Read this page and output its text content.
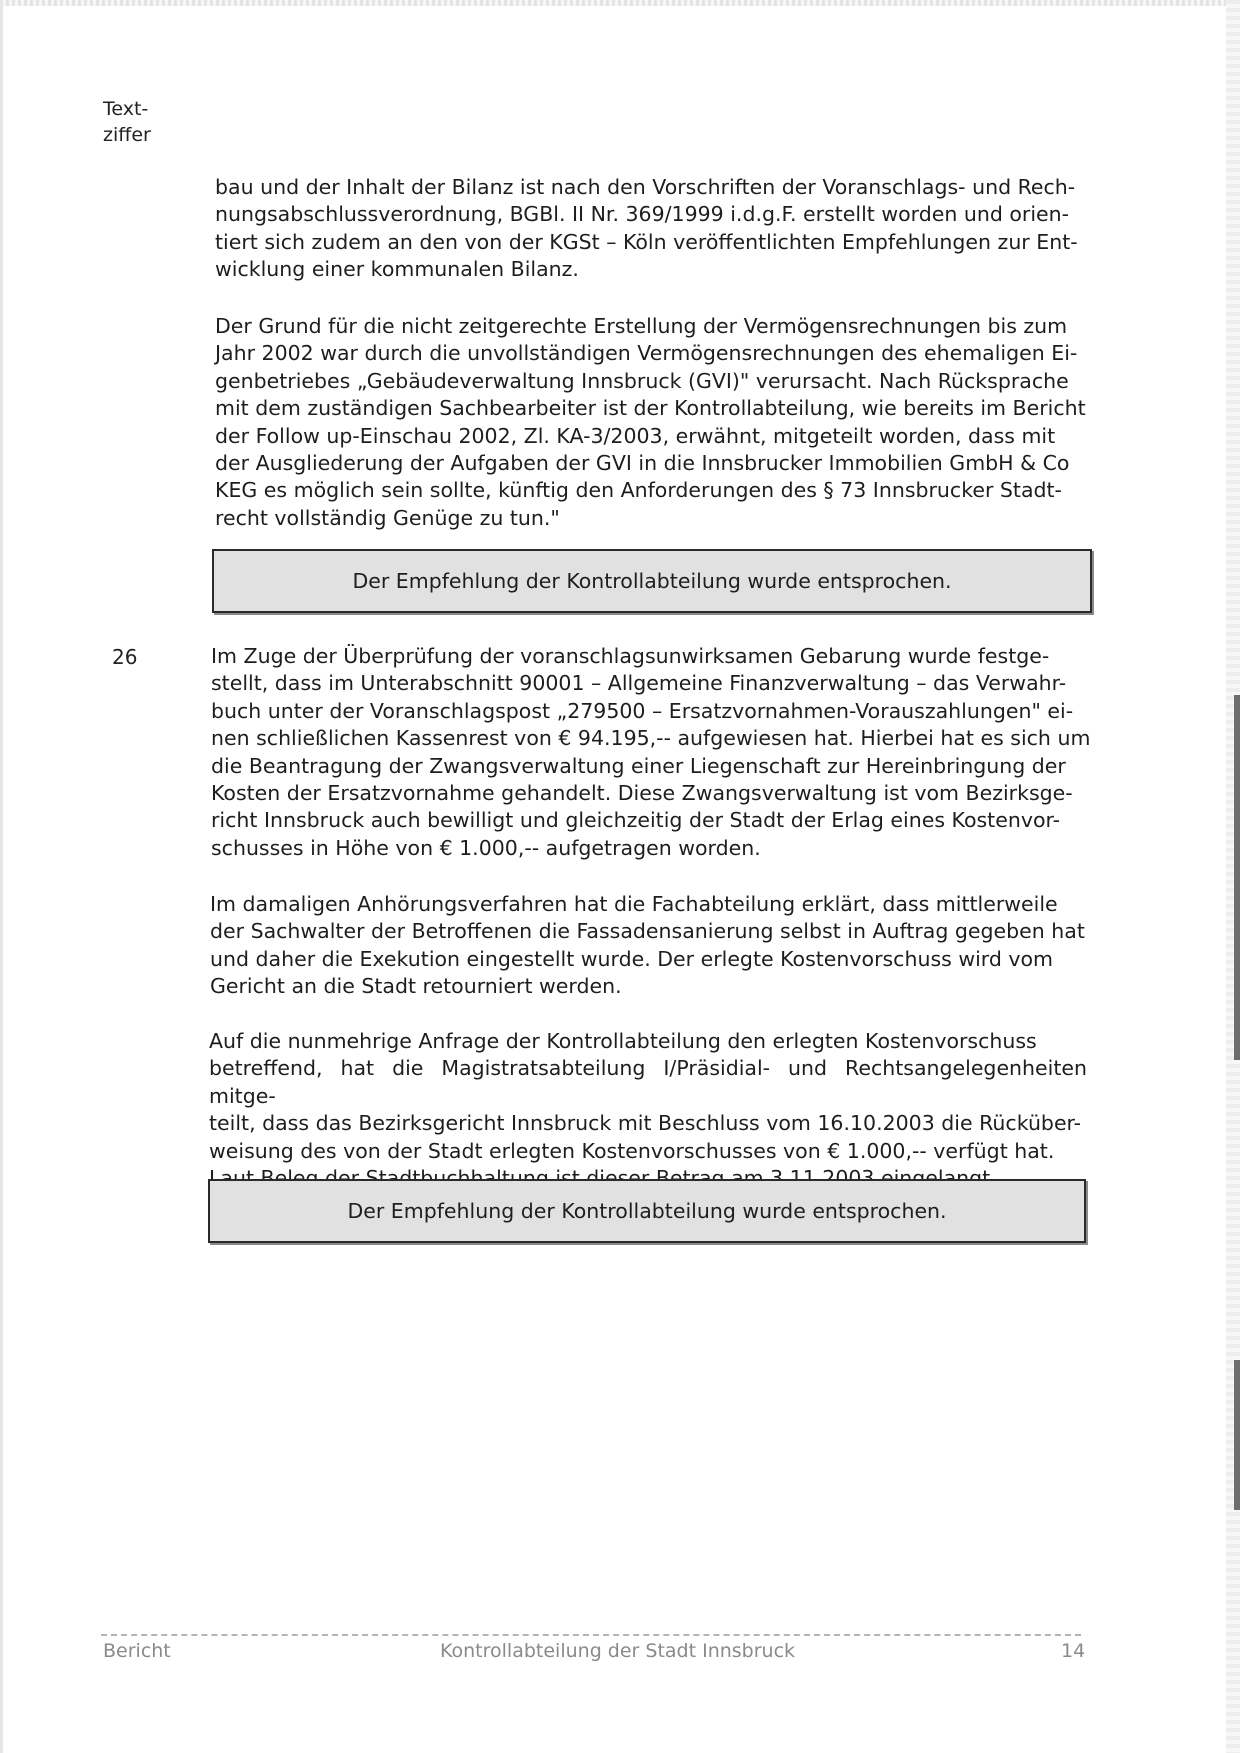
Text-
ziffer

bau und der Inhalt der Bilanz ist nach den Vorschriften der Voranschlags- und Rech-
nungsabschlussverordnung, BGBl. II Nr. 369/1999 i.d.g.F. erstellt worden und orien-
tiert sich zudem an den von der KGSt – Köln veröffentlichten Empfehlungen zur Ent-
wicklung einer kommunalen Bilanz.

Der Grund für die nicht zeitgerechte Erstellung der Vermögensrechnungen bis zum
Jahr 2002 war durch die unvollständigen Vermögensrechnungen des ehemaligen Ei-
genbetriebes „Gebäudeverwaltung Innsbruck (GVI)" verursacht. Nach Rücksprache
mit dem zuständigen Sachbearbeiter ist der Kontrollabteilung, wie bereits im Bericht
der Follow up-Einschau 2002, Zl. KA-3/2003, erwähnt, mitgeteilt worden, dass mit
der Ausgliederung der Aufgaben der GVI in die Innsbrucker Immobilien GmbH & Co
KEG es möglich sein sollte, künftig den Anforderungen des § 73 Innsbrucker Stadt-
recht vollständig Genüge zu tun."

Der Empfehlung der Kontrollabteilung wurde entsprochen.
26	Im Zuge der Überprüfung der voranschlagsunwirksamen Gebarung wurde festge-
stellt, dass im Unterabschnitt 90001 – Allgemeine Finanzverwaltung – das Verwahr-
buch unter der Voranschlagspost „279500 – Ersatzvornahmen-Vorauszahlungen" ei-
nen schließlichen Kassenrest von € 94.195,-- aufgewiesen hat. Hierbei hat es sich um
die Beantragung der Zwangsverwaltung einer Liegenschaft zur Hereinbringung der
Kosten der Ersatzvornahme gehandelt. Diese Zwangsverwaltung ist vom Bezirksge-
richt Innsbruck auch bewilligt und gleichzeitig der Stadt der Erlag eines Kostenvor-
schusses in Höhe von € 1.000,-- aufgetragen worden.

Im damaligen Anhörungsverfahren hat die Fachabteilung erklärt, dass mittlerweile
der Sachwalter der Betroffenen die Fassadensanierung selbst in Auftrag gegeben hat
und daher die Exekution eingestellt wurde. Der erlegte Kostenvorschuss wird vom
Gericht an die Stadt retourniert werden.

Auf die nunmehrige Anfrage der Kontrollabteilung den erlegten Kostenvorschuss
betreffend, hat die Magistratsabteilung I/Präsidial- und Rechtsangelegenheiten mitge-
teilt, dass das Bezirksgericht Innsbruck mit Beschluss vom 16.10.2003 die Rücküber-
weisung des von der Stadt erlegten Kostenvorschusses von € 1.000,-- verfügt hat.

Der Empfehlung der Kontrollabteilung wurde entsprochen.
Bericht	Kontrollabteilung der Stadt Innsbruck	14
